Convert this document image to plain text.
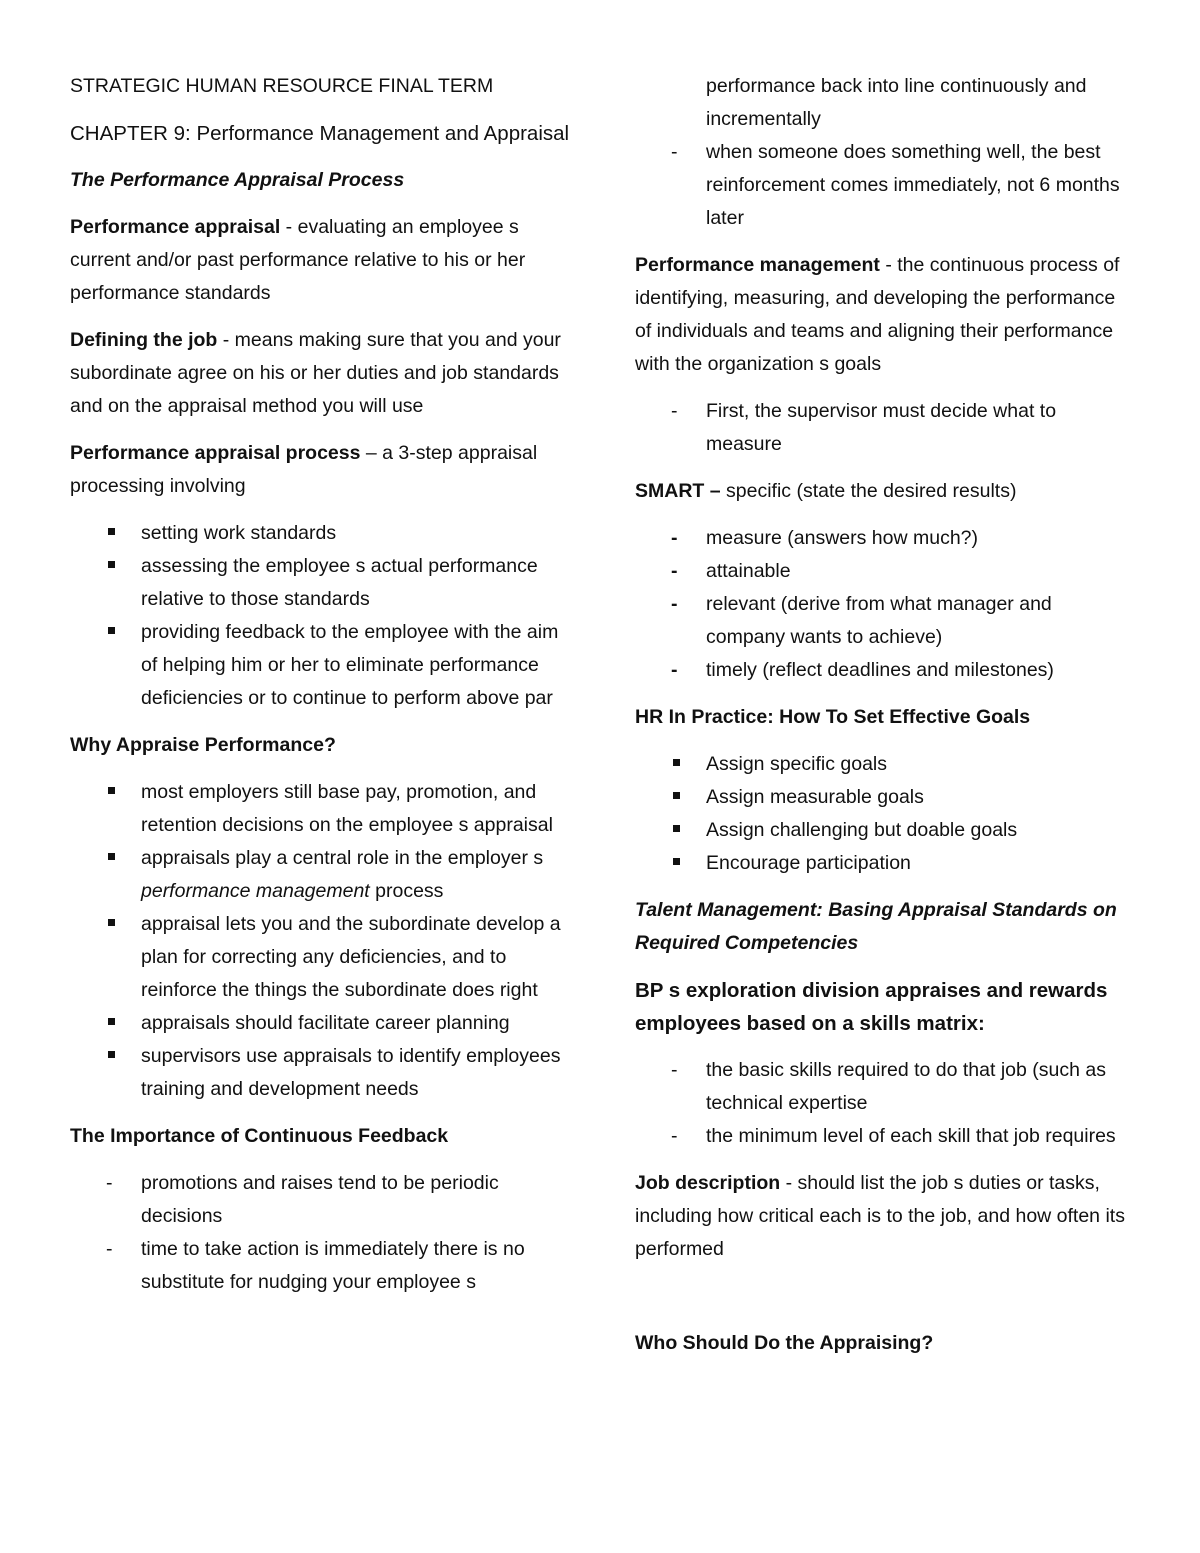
STRATEGIC HUMAN RESOURCE FINAL TERM
CHAPTER 9: Performance Management and Appraisal
The Performance Appraisal Process

Performance appraisal - evaluating an employee s current and/or past performance relative to his or her performance standards

Defining the job - means making sure that you and your subordinate agree on his or her duties and job standards and on the appraisal method you will use

Performance appraisal process – a 3-step appraisal processing involving

setting work standards
assessing the employee s actual performance relative to those standards
providing feedback to the employee with the aim of helping him or her to eliminate performance deficiencies or to continue to perform above par
Why Appraise Performance?
most employers still base pay, promotion, and retention decisions on the employee s appraisal
appraisals play a central role in the employer s performance management process
appraisal lets you and the subordinate develop a plan for correcting any deficiencies, and to reinforce the things the subordinate does right
appraisals should facilitate career planning
supervisors use appraisals to identify employees training and development needs
The Importance of Continuous Feedback
- promotions and raises tend to be periodic decisions
- time to take action is immediately there is no substitute for nudging your employee s

performance back into line continuously and incrementally

- when someone does something well, the best reinforcement comes immediately, not 6 months later

Performance management - the continuous process of identifying, measuring, and developing the performance of individuals and teams and aligning their performance with the organization s goals

- First, the supervisor must decide what to measure

SMART – specific (state the desired results)

- measure (answers how much?)
- attainable
- relevant (derive from what manager and company wants to achieve)
- timely (reflect deadlines and milestones)
HR In Practice: How To Set Effective Goals
Assign specific goals
Assign measurable goals
Assign challenging but doable goals
Encourage participation
Talent Management: Basing Appraisal Standards on Required Competencies
BP s exploration division appraises and rewards employees based on a skills matrix:
- the basic skills required to do that job (such as technical expertise
- the minimum level of each skill that job requires

Job description - should list the job s duties or tasks, including how critical each is to the job, and how often its performed

Who Should Do the Appraising?
